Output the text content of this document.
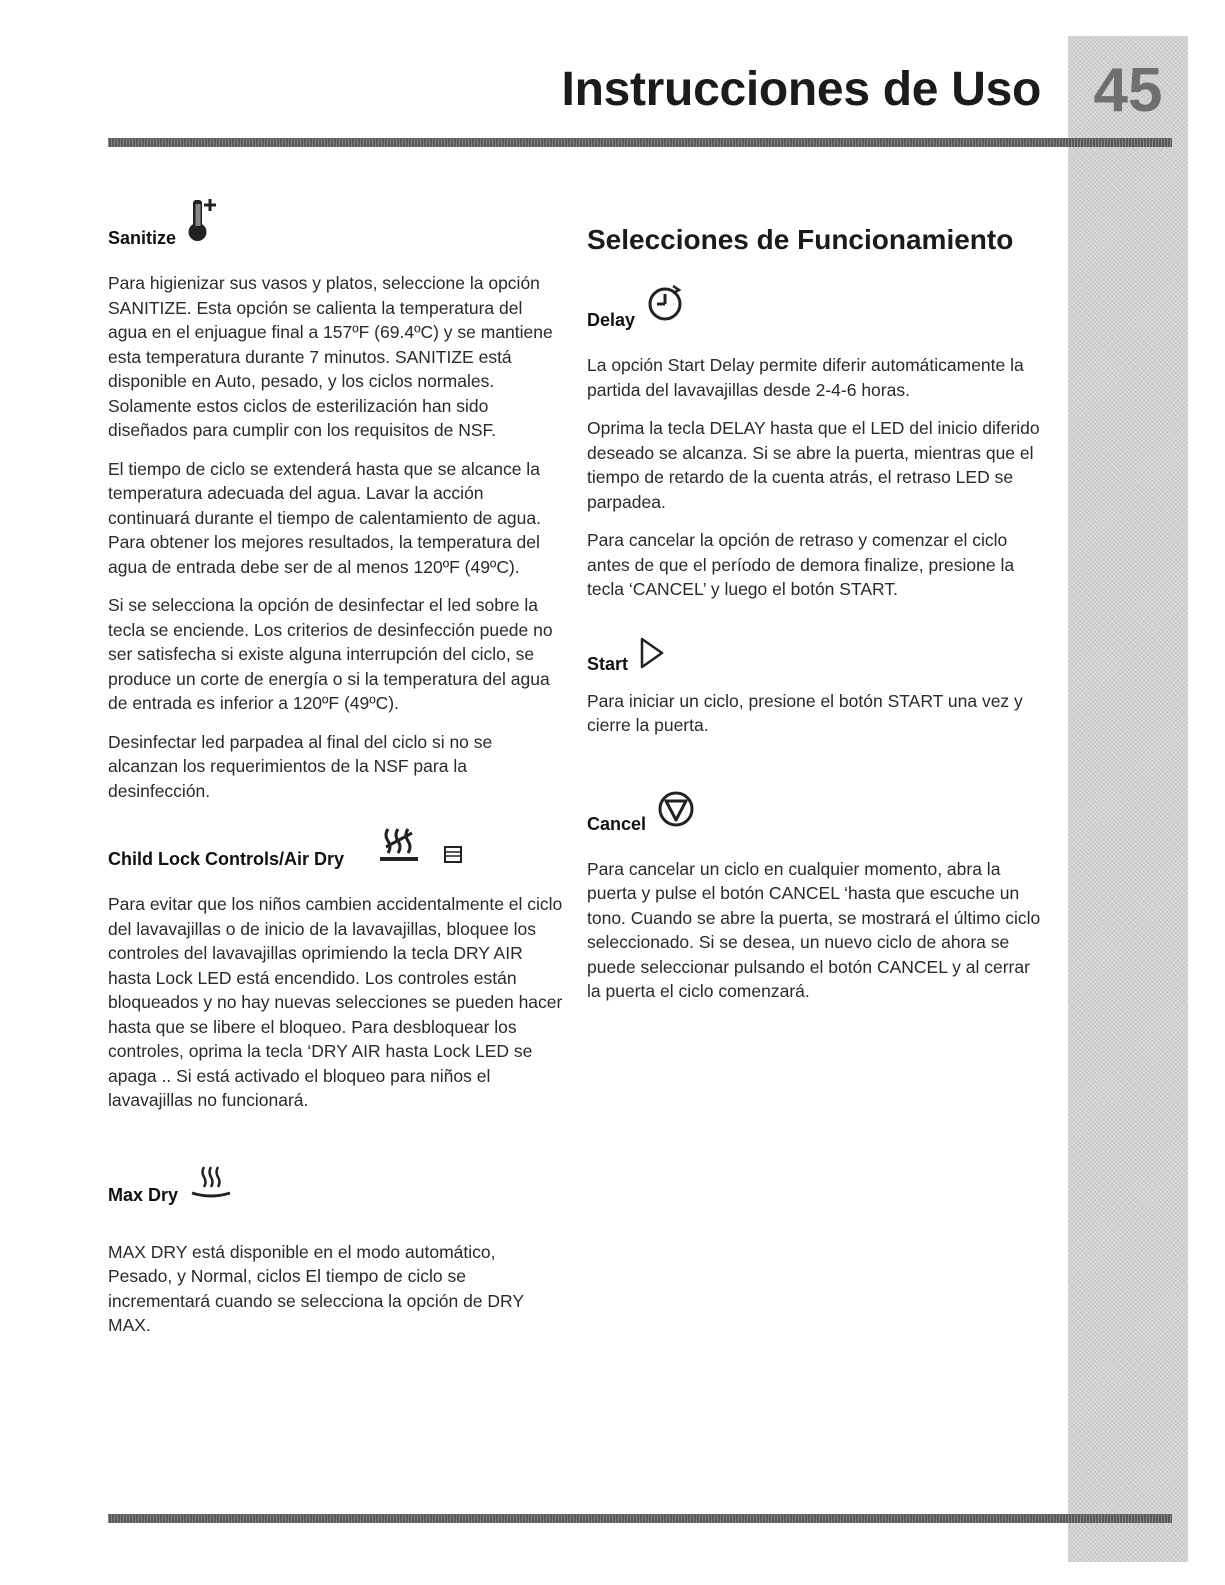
45
Instrucciones de Uso
Sanitize

Para higienizar sus vasos y platos, seleccione la opción SANITIZE. Esta opción se calienta la temperatura del agua en el enjuague final a 157ºF (69.4ºC) y se mantiene esta temperatura durante 7 minutos. SANITIZE está disponible en Auto, pesado, y los ciclos normales. Solamente estos ciclos de esterilización han sido diseñados para cumplir con los requisitos de NSF.

El tiempo de ciclo se extenderá hasta que se alcance la temperatura adecuada del agua. Lavar la acción continuará durante el tiempo de calentamiento de agua. Para obtener los mejores resultados, la temperatura del agua de entrada debe ser de al menos 120ºF (49ºC).

Si se selecciona la opción de desinfectar el led sobre la tecla se enciende. Los criterios de desinfección puede no ser satisfecha si existe alguna interrupción del ciclo, se produce un corte de energía o si la temperatura del agua de entrada es inferior a 120ºF (49ºC).

Desinfectar led parpadea al final del ciclo si no se alcanzan los requerimientos de la NSF para la desinfección.

Child Lock Controls/Air Dry

Para evitar que los niños cambien accidentalmente el ciclo del lavavajillas o de inicio de la lavavajillas, bloquee los controles del lavavajillas oprimiendo la tecla DRY AIR hasta Lock LED está encendido. Los controles están bloqueados y no hay nuevas selecciones se pueden hacer hasta que se libere el bloqueo. Para desbloquear los controles, oprima la tecla ‘DRY AIR hasta Lock LED se apaga .. Si está activado el bloqueo para niños el lavavajillas no funcionará.

Max Dry

MAX DRY está disponible en el modo automático, Pesado, y Normal, ciclos El tiempo de ciclo se incrementará cuando se selecciona la opción de DRY MAX.

Selecciones de Funcionamiento
Delay

La opción Start Delay permite diferir automáticamente la partida del lavavajillas desde 2-4-6 horas.

Oprima la tecla DELAY hasta que el LED del inicio diferido deseado se alcanza. Si se abre la puerta, mientras que el tiempo de retardo de la cuenta atrás, el retraso LED se parpadea.

Para cancelar la opción de retraso y comenzar el ciclo antes de que el período de demora finalize, presione la tecla ‘CANCEL’ y luego el botón START.

Start

Para iniciar un ciclo, presione el botón START una vez y cierre la puerta.

Cancel

Para cancelar un ciclo en cualquier momento, abra la puerta y pulse el botón CANCEL ‘hasta que escuche un tono. Cuando se abre la puerta, se mostrará el último ciclo seleccionado. Si se desea, un nuevo ciclo de ahora se puede seleccionar pulsando el botón CANCEL y al cerrar la puerta el ciclo comenzará.
